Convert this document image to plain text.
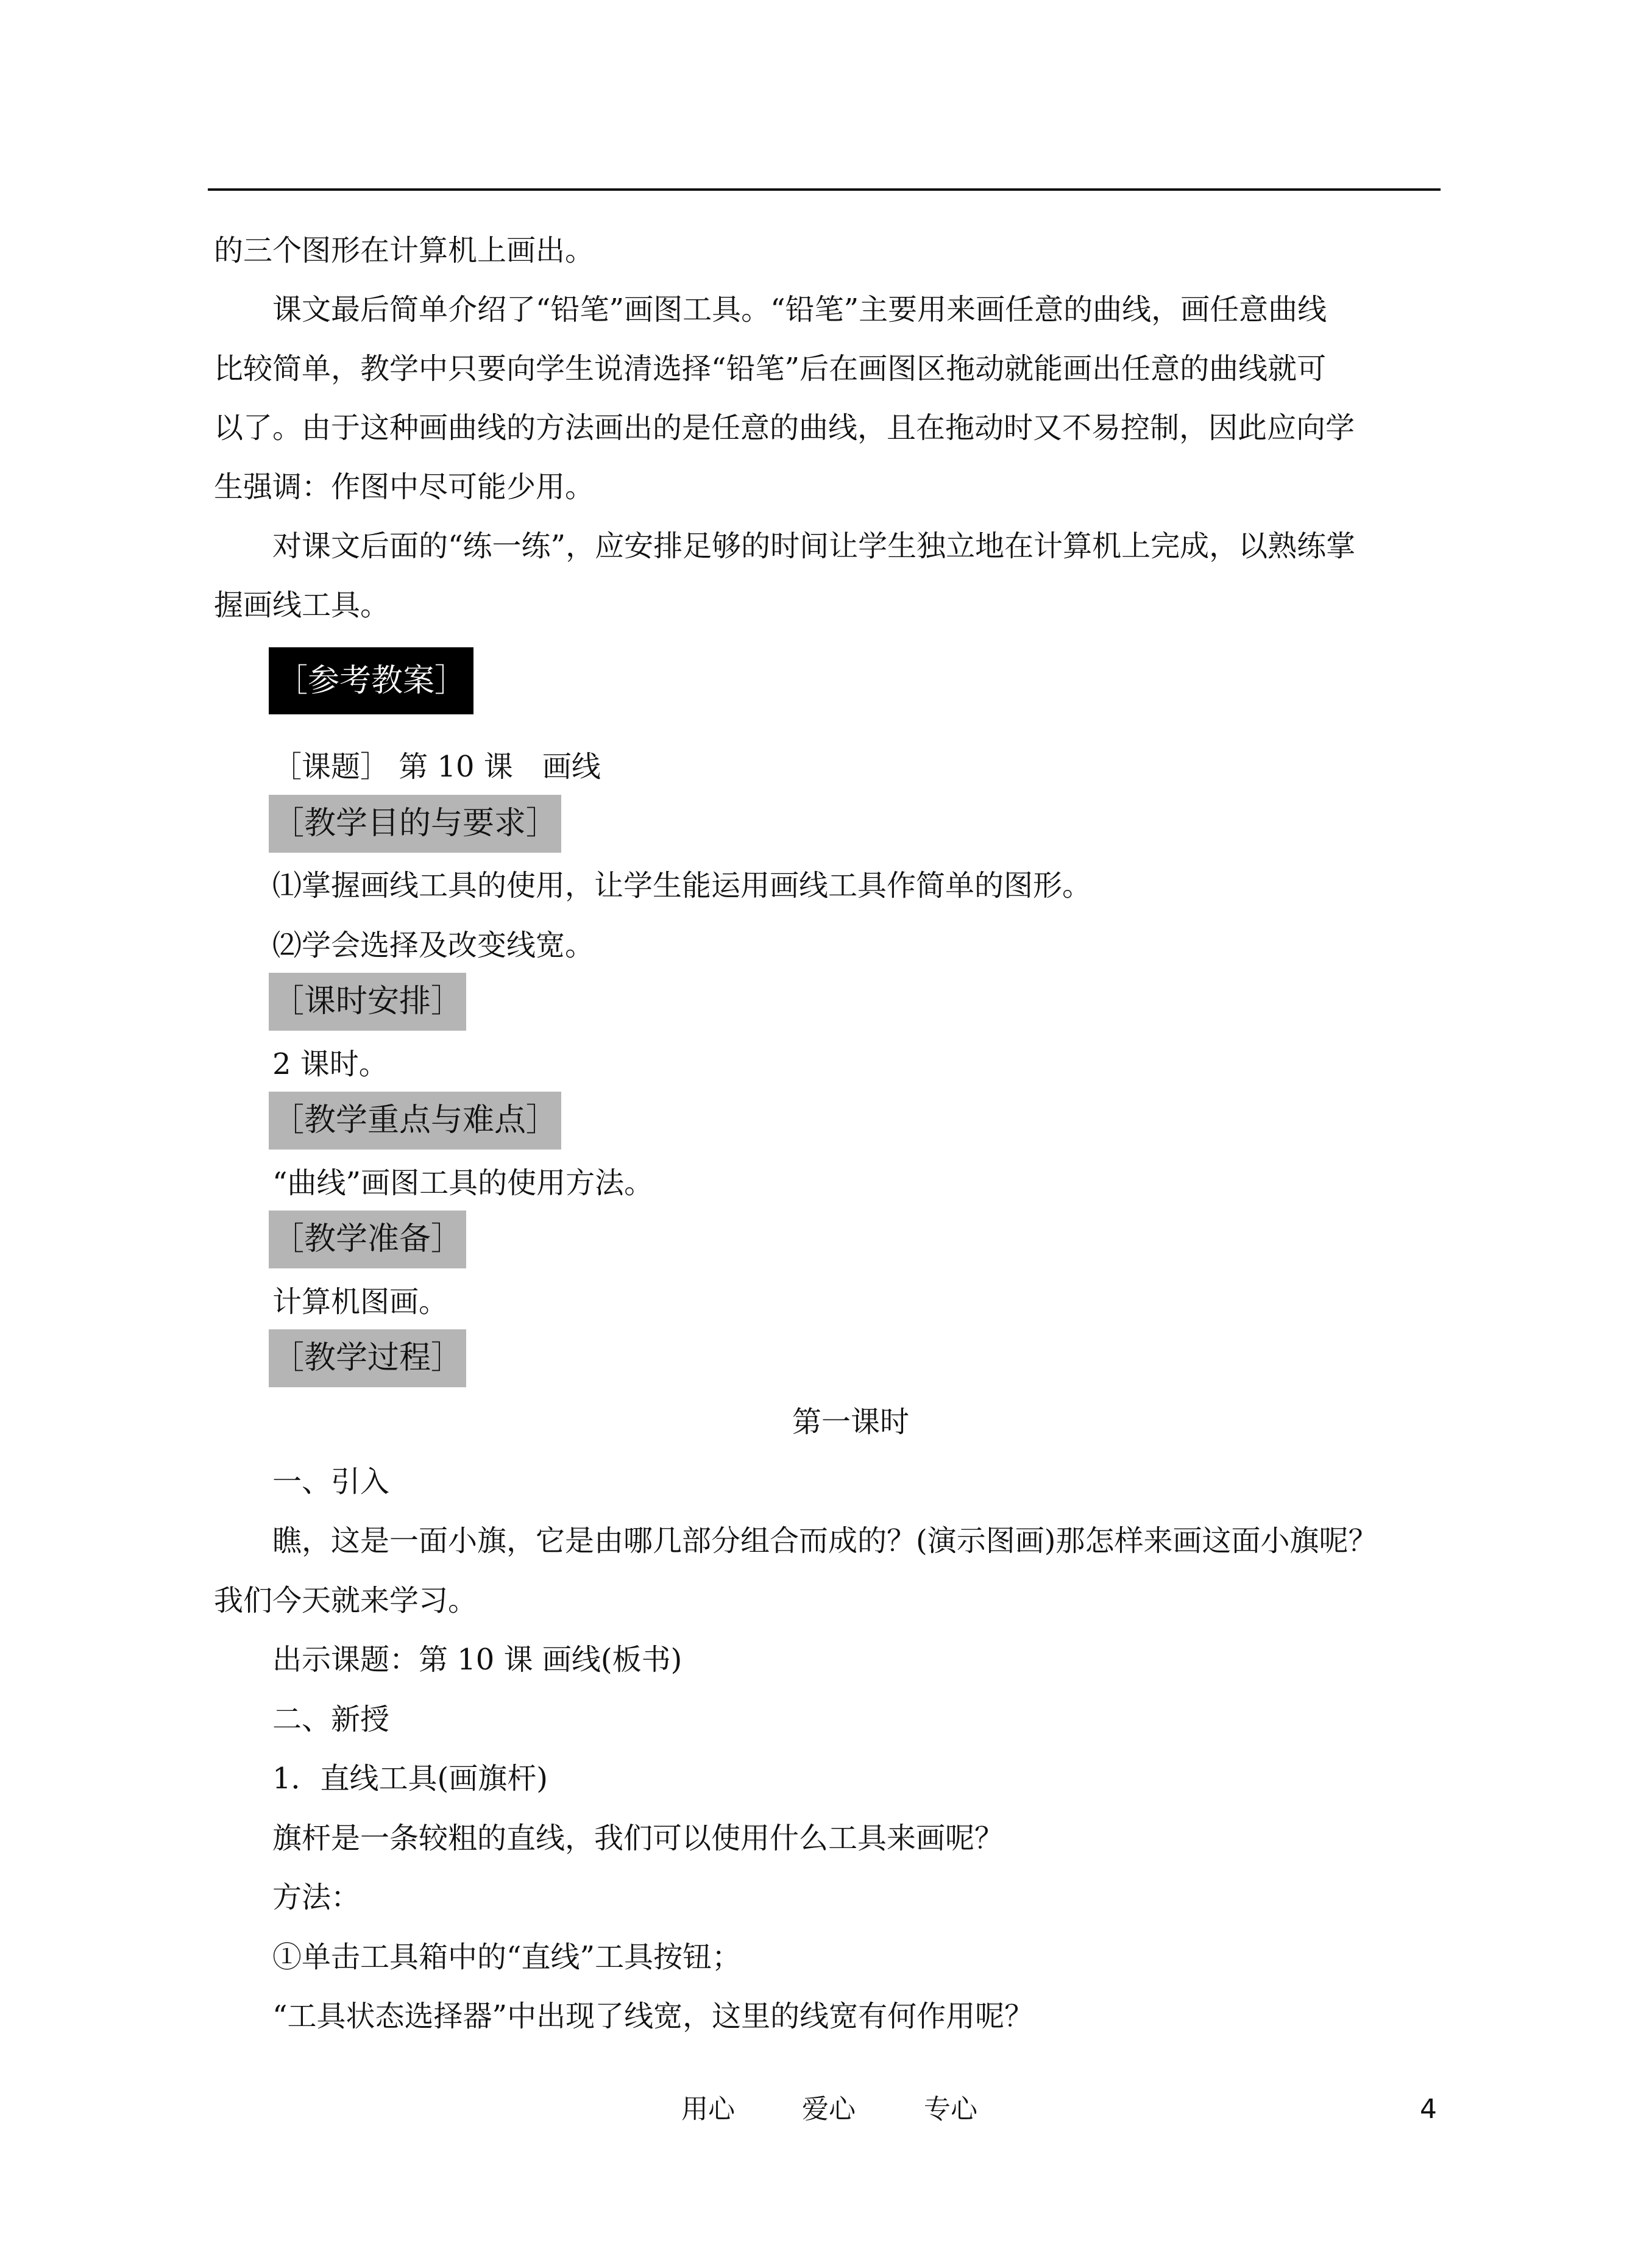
的三个图形在计算机上画出。
课文最后简单介绍了“铅笔”画图工具。“铅笔”主要用来画任意的曲线，画任意曲线
比较简单，教学中只要向学生说清选择“铅笔”后在画图区拖动就能画出任意的曲线就可
以了。由于这种画曲线的方法画出的是任意的曲线，且在拖动时又不易控制，因此应向学
生强调：作图中尽可能少用。
对课文后面的“练一练”，应安排足够的时间让学生独立地在计算机上完成，以熟练掌
握画线工具。
［参考教案］
［课题］ 第 10 课　画线
［教学目的与要求］
⑴掌握画线工具的使用，让学生能运用画线工具作简单的图形。
⑵学会选择及改变线宽。
［课时安排］
2 课时。
［教学重点与难点］
“曲线”画图工具的使用方法。
［教学准备］
计算机图画。
［教学过程］
第一课时
一、引入
瞧，这是一面小旗，它是由哪几部分组合而成的？(演示图画)那怎样来画这面小旗呢？
我们今天就来学习。
出示课题：第 10 课 画线(板书)
二、新授
1．直线工具(画旗杆)
旗杆是一条较粗的直线，我们可以使用什么工具来画呢？
方法：
①单击工具箱中的“直线”工具按钮；
“工具状态选择器”中出现了线宽，这里的线宽有何作用呢？
用心	爱心	专心	4
